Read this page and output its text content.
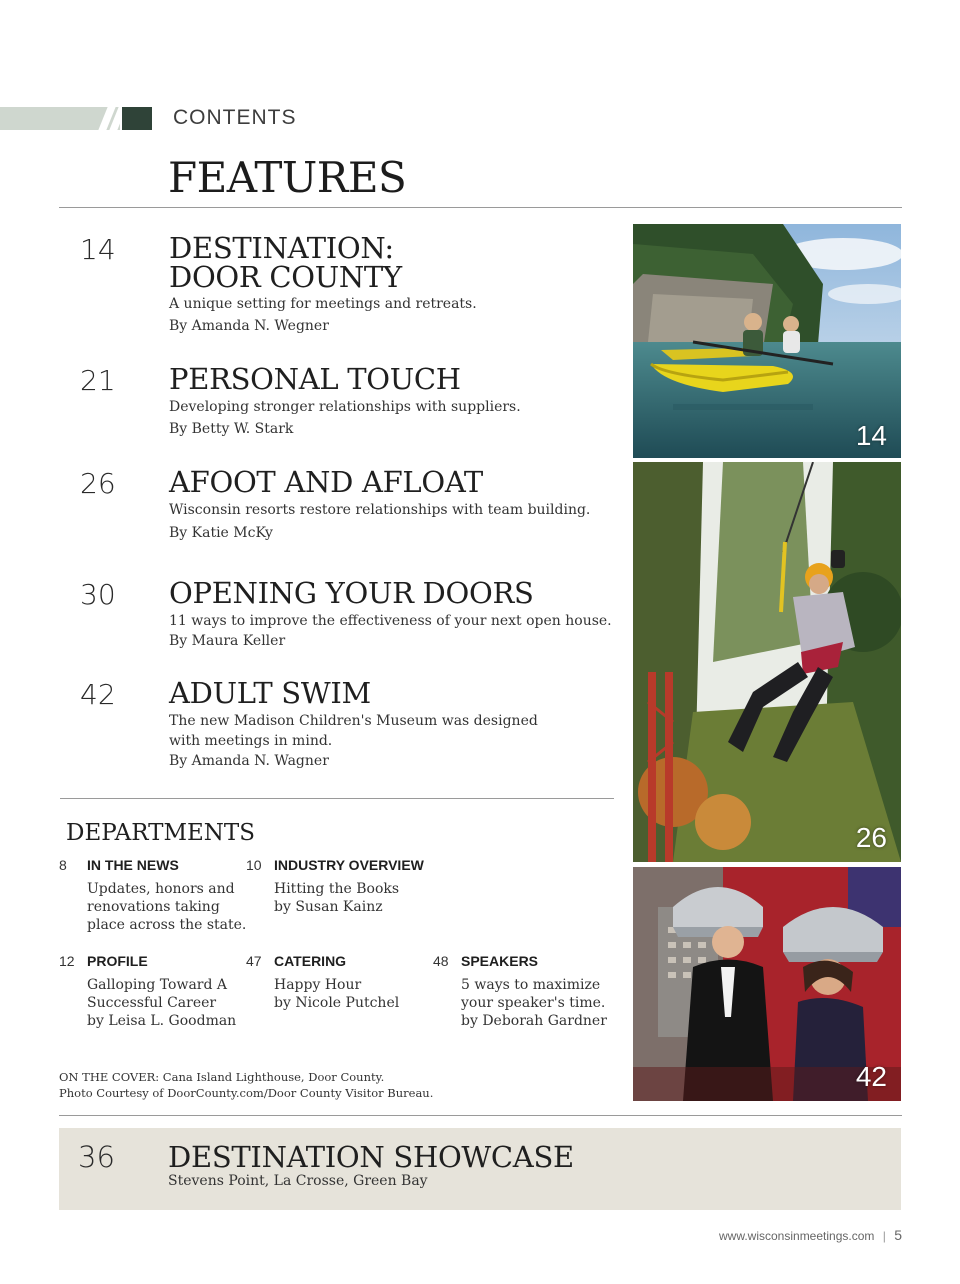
CONTENTS
FEATURES
14 DESTINATION:
DOOR COUNTY
A unique setting for meetings and retreats.
By Amanda N. Wegner
21 PERSONAL TOUCH
Developing stronger relationships with suppliers.
By Betty W. Stark
26 AFOOT AND AFLOAT
Wisconsin resorts restore relationships with team building.
By Katie McKy
30 OPENING YOUR DOORS
11 ways to improve the effectiveness of your next open house.
By Maura Keller
42 ADULT SWIM
The new Madison Children's Museum was designed
with meetings in mind.
By Amanda N. Wagner
14
26
42
DEPARTMENTS
8 IN THE NEWS
Updates, honors and
renovations taking
place across the state.
10 INDUSTRY OVERVIEW
Hitting the Books
by Susan Kainz
12 PROFILE
Galloping Toward A
Successful Career
by Leisa L. Goodman
47 CATERING
Happy Hour
by Nicole Putchel
48 SPEAKERS
5 ways to maximize
your speaker's time.
by Deborah Gardner
ON THE COVER: Cana Island Lighthouse, Door County.
Photo Courtesy of DoorCounty.com/Door County Visitor Bureau.
36 DESTINATION SHOWCASE
Stevens Point, La Crosse, Green Bay
www.wisconsinmeetings.com | 5
